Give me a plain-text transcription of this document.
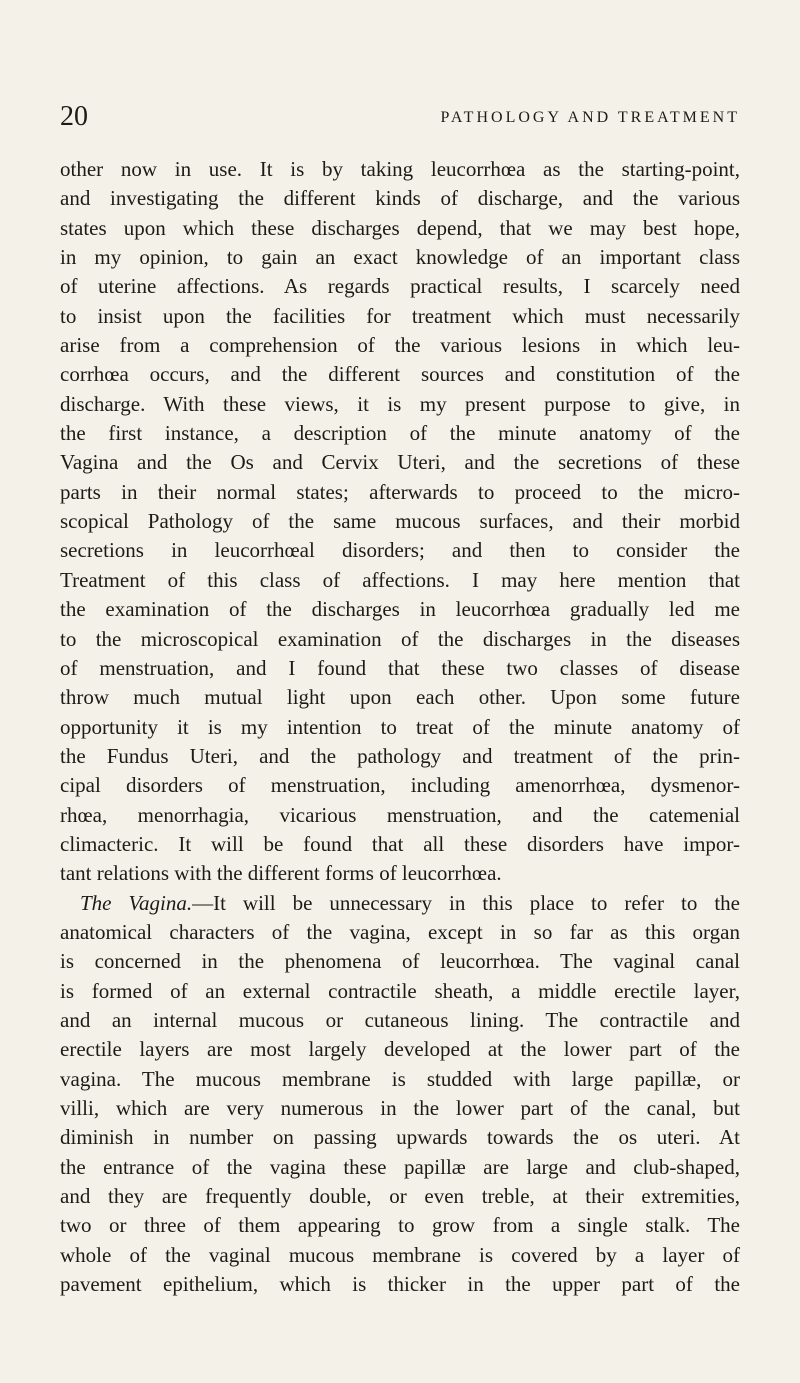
20	PATHOLOGY AND TREATMENT
other now in use. It is by taking leucorrhœa as the starting-point,
and investigating the different kinds of discharge, and the various
states upon which these discharges depend, that we may best hope,
in my opinion, to gain an exact knowledge of an important class
of uterine affections. As regards practical results, I scarcely need
to insist upon the facilities for treatment which must necessarily
arise from a comprehension of the various lesions in which leu-
corrhœa occurs, and the different sources and constitution of the
discharge. With these views, it is my present purpose to give, in
the first instance, a description of the minute anatomy of the
Vagina and the Os and Cervix Uteri, and the secretions of these
parts in their normal states; afterwards to proceed to the micro-
scopical Pathology of the same mucous surfaces, and their morbid
secretions in leucorrhœal disorders; and then to consider the
Treatment of this class of affections. I may here mention that
the examination of the discharges in leucorrhœa gradually led me
to the microscopical examination of the discharges in the diseases
of menstruation, and I found that these two classes of disease
throw much mutual light upon each other. Upon some future
opportunity it is my intention to treat of the minute anatomy of
the Fundus Uteri, and the pathology and treatment of the prin-
cipal disorders of menstruation, including amenorrhœa, dysmenor-
rhœa, menorrhagia, vicarious menstruation, and the catemenial
climacteric. It will be found that all these disorders have impor-
tant relations with the different forms of leucorrhœa.
The Vagina.—It will be unnecessary in this place to refer to the
anatomical characters of the vagina, except in so far as this organ
is concerned in the phenomena of leucorrhœa. The vaginal canal
is formed of an external contractile sheath, a middle erectile layer,
and an internal mucous or cutaneous lining. The contractile and
erectile layers are most largely developed at the lower part of the
vagina. The mucous membrane is studded with large papillæ, or
villi, which are very numerous in the lower part of the canal, but
diminish in number on passing upwards towards the os uteri. At
the entrance of the vagina these papillæ are large and club-shaped,
and they are frequently double, or even treble, at their extremities,
two or three of them appearing to grow from a single stalk. The
whole of the vaginal mucous membrane is covered by a layer of
pavement epithelium, which is thicker in the upper part of the
